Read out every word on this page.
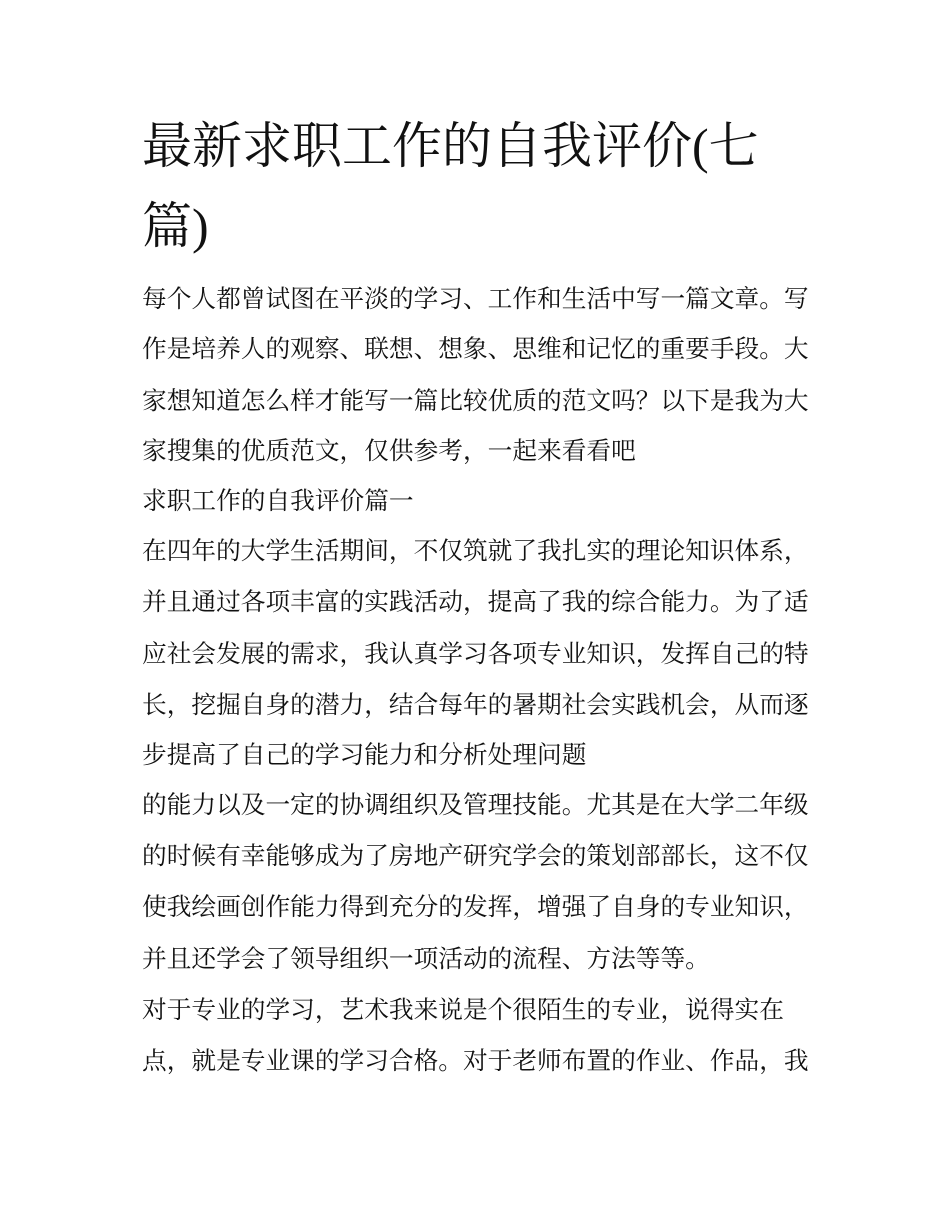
最新求职工作的自我评价(七
篇)
每个人都曾试图在平淡的学习、工作和生活中写一篇文章。写
作是培养人的观察、联想、想象、思维和记忆的重要手段。大
家想知道怎么样才能写一篇比较优质的范文吗？以下是我为大
家搜集的优质范文，仅供参考，一起来看看吧
求职工作的自我评价篇一
在四年的大学生活期间，不仅筑就了我扎实的理论知识体系，
并且通过各项丰富的实践活动，提高了我的综合能力。为了适
应社会发展的需求，我认真学习各项专业知识，发挥自己的特
长，挖掘自身的潜力，结合每年的暑期社会实践机会，从而逐
步提高了自己的学习能力和分析处理问题
的能力以及一定的协调组织及管理技能。尤其是在大学二年级
的时候有幸能够成为了房地产研究学会的策划部部长，这不仅
使我绘画创作能力得到充分的发挥，增强了自身的专业知识，
并且还学会了领导组织一项活动的流程、方法等等。
对于专业的学习，艺术我来说是个很陌生的专业，说得实在
点，就是专业课的学习合格。对于老师布置的作业、作品，我
